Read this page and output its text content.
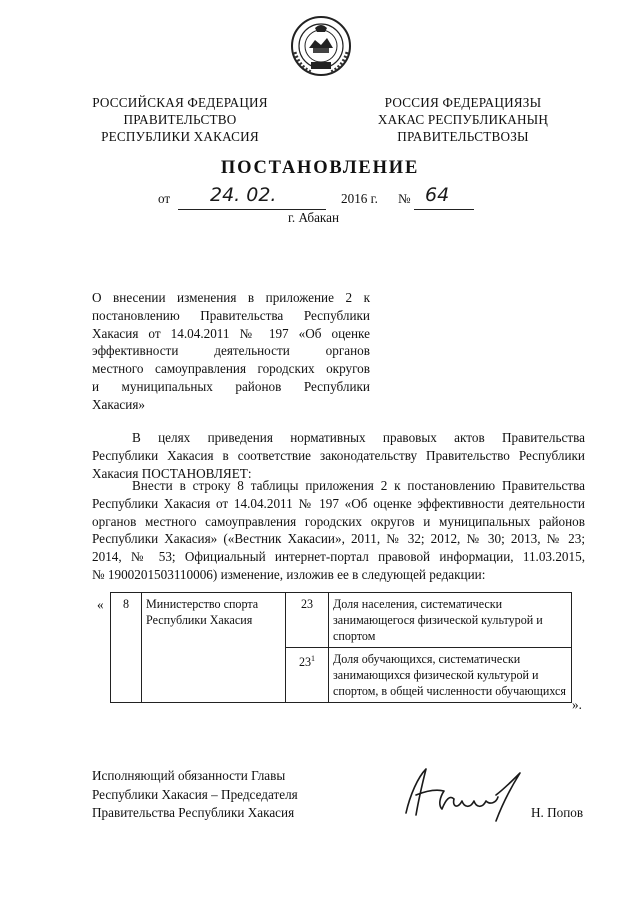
РОССИЙСКАЯ ФЕДЕРАЦИЯ
ПРАВИТЕЛЬСТВО
РЕСПУБЛИКИ ХАКАСИЯ
РОССИЯ ФЕДЕРАЦИЯЗЫ
ХАКАС РЕСПУБЛИКАНЫҢ
ПРАВИТЕЛЬСТВОЗЫ
ПОСТАНОВЛЕНИЕ
от 24. 02.	2016 г. № 64
г. Абакан
О внесении изменения в приложение 2 к
постановлению Правительства Республики
Хакасия от 14.04.2011 № 197 «Об оценке
эффективности деятельности органов
местного самоуправления городских округов
и муниципальных районов Республики
Хакасия»
В целях приведения нормативных правовых актов Правительства
Республики Хакасия в соответствие законодательству Правительство Республики
Хакасия ПОСТАНОВЛЯЕТ:
Внести в строку 8 таблицы приложения 2 к постановлению Правительства
Республики Хакасия от 14.04.2011 № 197 «Об оценке эффективности деятельности
органов местного самоуправления городских округов и муниципальных районов
Республики Хакасия» («Вестник Хакасии», 2011, № 32; 2012, № 30; 2013, № 23;
2014, № 53; Официальный интернет-портал правовой информации, 11.03.2015,
№ 1900201503110006) изменение, изложив ее в следующей редакции:
« 8	Министерство спорта Республики Хакасия	23	Доля населения, систематически занимающегося физической культурой и спортом
		$23^1$	Доля обучающихся, систематически занимающихся физической культурой и спортом, в общей численности обучающихся
».
Исполняющий обязанности Главы
Республики Хакасия – Председателя
Правительства Республики Хакасия	Н. Попов
